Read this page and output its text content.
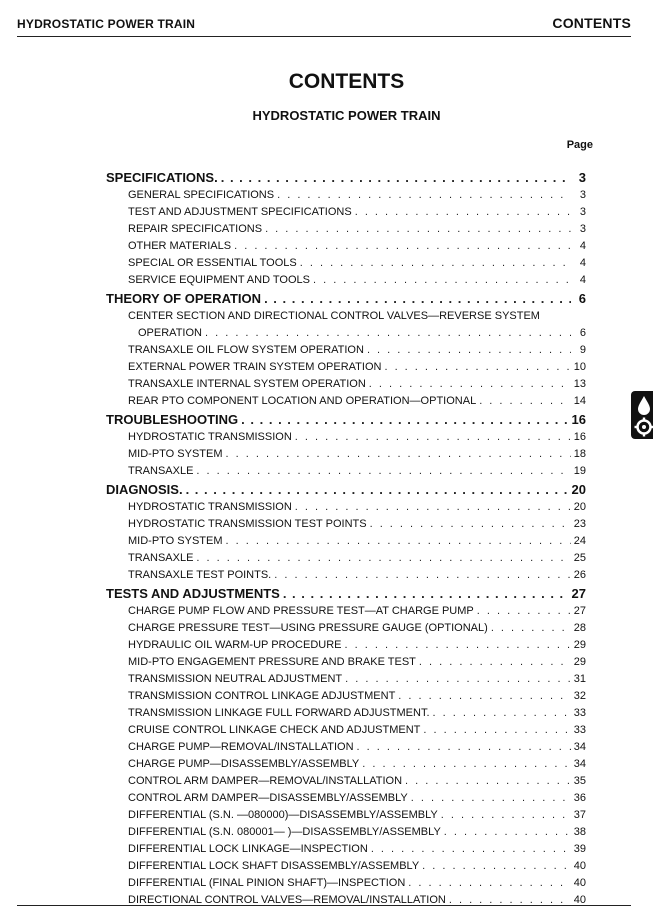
HYDROSTATIC POWER TRAIN	CONTENTS
CONTENTS
HYDROSTATIC POWER TRAIN
Page
SPECIFICATIONS. . . .	3
GENERAL SPECIFICATIONS . . .	3
TEST AND ADJUSTMENT SPECIFICATIONS . . .	3
REPAIR SPECIFICATIONS . . .	3
OTHER MATERIALS . . .	4
SPECIAL OR ESSENTIAL TOOLS . . .	4
SERVICE EQUIPMENT AND TOOLS . . .	4
THEORY OF OPERATION . . .	6
CENTER SECTION AND DIRECTIONAL CONTROL VALVES—REVERSE SYSTEM
OPERATION . . .	6
TRANSAXLE OIL FLOW SYSTEM OPERATION . . .	9
EXTERNAL POWER TRAIN SYSTEM OPERATION . . .	10
TRANSAXLE INTERNAL SYSTEM OPERATION . . .	13
REAR PTO COMPONENT LOCATION AND OPERATION—OPTIONAL . . .	14
TROUBLESHOOTING . . .	16
HYDROSTATIC TRANSMISSION . . .	16
MID-PTO SYSTEM . . .	18
TRANSAXLE . . .	19
DIAGNOSIS. . . .	20
HYDROSTATIC TRANSMISSION . . .	20
HYDROSTATIC TRANSMISSION TEST POINTS . . .	23
MID-PTO SYSTEM . . .	24
TRANSAXLE . . .	25
TRANSAXLE TEST POINTS. . . .	26
TESTS AND ADJUSTMENTS . . .	27
CHARGE PUMP FLOW AND PRESSURE TEST—AT CHARGE PUMP . . .	27
CHARGE PRESSURE TEST—USING PRESSURE GAUGE (OPTIONAL) . . .	28
HYDRAULIC OIL WARM-UP PROCEDURE . . .	29
MID-PTO ENGAGEMENT PRESSURE AND BRAKE TEST . . .	29
TRANSMISSION NEUTRAL ADJUSTMENT . . .	31
TRANSMISSION CONTROL LINKAGE ADJUSTMENT . . .	32
TRANSMISSION LINKAGE FULL FORWARD ADJUSTMENT. . . .	33
CRUISE CONTROL LINKAGE CHECK AND ADJUSTMENT . . .	33
CHARGE PUMP—REMOVAL/INSTALLATION . . .	34
CHARGE PUMP—DISASSEMBLY/ASSEMBLY . . .	34
CONTROL ARM DAMPER—REMOVAL/INSTALLATION . . .	35
CONTROL ARM DAMPER—DISASSEMBLY/ASSEMBLY . . .	36
DIFFERENTIAL (S.N. —080000)—DISASSEMBLY/ASSEMBLY . . .	37
DIFFERENTIAL (S.N. 080001— )—DISASSEMBLY/ASSEMBLY . . .	38
DIFFERENTIAL LOCK LINKAGE—INSPECTION . . .	39
DIFFERENTIAL LOCK SHAFT DISASSEMBLY/ASSEMBLY . . .	40
DIFFERENTIAL (FINAL PINION SHAFT)—INSPECTION . . .	40
DIRECTIONAL CONTROL VALVES—REMOVAL/INSTALLATION . . .	40
